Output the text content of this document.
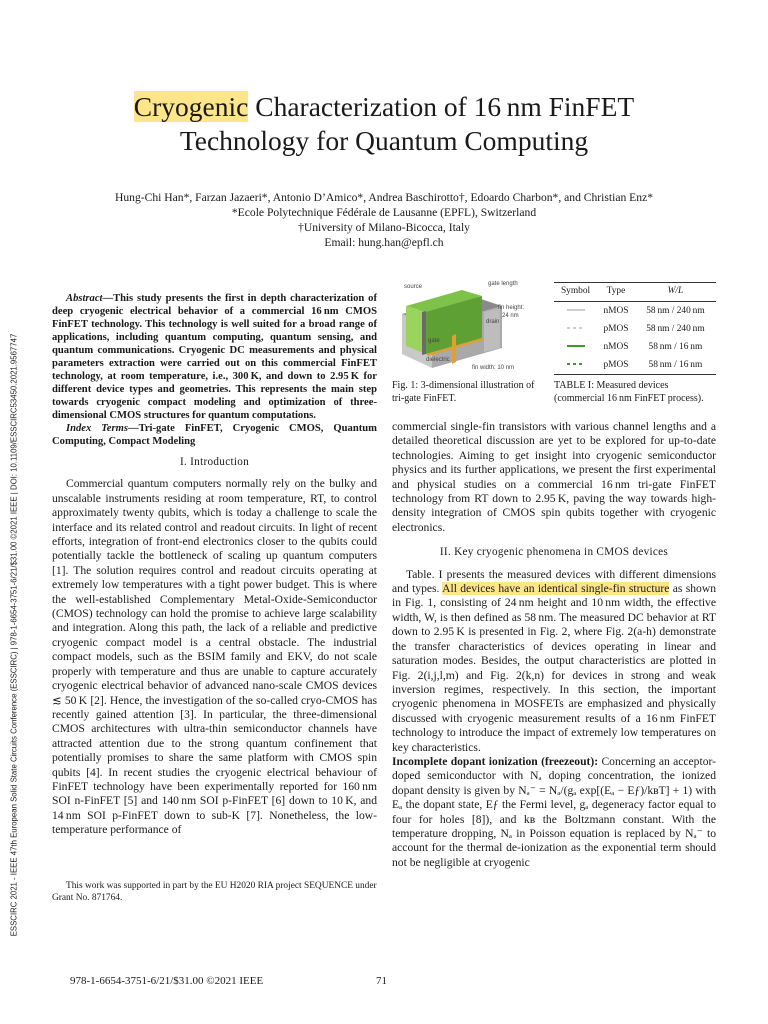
Cryogenic Characterization of 16 nm FinFET
Technology for Quantum Computing
Hung-Chi Han*, Farzan Jazaeri*, Antonio D’Amico*, Andrea Baschirotto†, Edoardo Charbon*, and Christian Enz*
*Ecole Polytechnique Fédérale de Lausanne (EPFL), Switzerland
†University of Milano-Bicocca, Italy
Email: hung.han@epfl.ch
ESSCIRC 2021 - IEEE 47th European Solid State Circuits Conference (ESSCIRC) | 978-1-6654-3751-6/21/$31.00 ©2021 IEEE | DOI: 10.1109/ESSCIRC53450.2021.9567747

Abstract—This study presents the first in depth characterization of deep cryogenic electrical behavior of a commercial 16 nm CMOS FinFET technology. This technology is well suited for a broad range of applications, including quantum computing, quantum sensing, and quantum communications. Cryogenic DC measurements and physical parameters extraction were carried out on this commercial FinFET technology, at room temperature, i.e., 300 K, and down to 2.95 K for different device types and geometries. This represents the main step towards cryogenic compact modeling and optimization of three-dimensional CMOS structures for quantum computations.

Index Terms—Tri-gate FinFET, Cryogenic CMOS, Quantum Computing, Compact Modeling

I. Introduction

Commercial quantum computers normally rely on the bulky and unscalable instruments residing at room temperature, RT, to control approximately twenty qubits, which is today a challenge to scale the interface and its related control and readout circuits. In light of recent efforts, integration of front-end electronics closer to the qubits could potentially tackle the bottleneck of scaling up quantum computers [1]. The solution requires control and readout circuits operating at extremely low temperatures with a tight power budget. This is where the well-established Complementary Metal-Oxide-Semiconductor (CMOS) technology can hold the promise to achieve large scalability and integration. Along this path, the lack of a reliable and predictive cryogenic compact model is a central obstacle. The industrial compact models, such as the BSIM family and EKV, do not scale properly with temperature and thus are unable to capture accurately cryogenic electrical behavior of advanced nano-scale CMOS devices ≲ 50 K [2]. Hence, the investigation of the so-called cryo-CMOS has recently gained attention [3]. In particular, the three-dimensional CMOS architectures with ultra-thin semiconductor channels have attracted attention due to the strong quantum confinement that potentially promises to share the same platform with CMOS spin qubits [4]. In recent studies the cryogenic electrical behaviour of FinFET technology have been experimentally reported for 160 nm SOI n-FinFET [5] and 140 nm SOI p-FinFET [6] down to 10 K, and 14 nm SOI p-FinFET down to sub-K [7]. Nonetheless, the low-temperature performance of

This work was supported in part by the EU H2020 RIA project SEQUENCE under Grant No. 871764.
source	gate length
fin height:
24 nm
drain
gate
dielectric
fin width: 10 nm
Fig. 1: 3-dimensional illustration of tri-gate FinFET.
Symbol	Type	W/L
	nMOS	58 nm / 240 nm
	pMOS	58 nm / 240 nm
	nMOS	58 nm / 16 nm
	pMOS	58 nm / 16 nm
TABLE I: Measured devices (commercial 16 nm FinFET process).

commercial single-fin transistors with various channel lengths and a detailed theoretical discussion are yet to be explored for up-to-date technologies. Aiming to get insight into cryogenic semiconductor physics and its further applications, we present the first experimental and physical studies on a commercial 16 nm tri-gate FinFET technology from RT down to 2.95 K, paving the way towards high-density integration of CMOS spin qubits together with cryogenic electronics.

II. Key cryogenic phenomena in CMOS devices

Table. I presents the measured devices with different dimensions and types. All devices have an identical single-fin structure as shown in Fig. 1, consisting of 24 nm height and 10 nm width, the effective width, W, is then defined as 58 nm. The measured DC behavior at RT down to 2.95 K is presented in Fig. 2, where Fig. 2(a-h) demonstrate the transfer characteristics of devices operating in linear and saturation modes. Besides, the output characteristics are plotted in Fig. 2(i,j,l,m) and Fig. 2(k,n) for devices in strong and weak inversion regimes, respectively. In this section, the important cryogenic phenomena in MOSFETs are emphasized and physically discussed with cryogenic measurement results of a 16 nm FinFET technology to introduce the impact of extremely low temperatures on key characteristics.

Incomplete dopant ionization (freezeout): Concerning an acceptor-doped semiconductor with Nₐ doping concentration, the ionized dopant density is given by Nₐ⁻ = Nₐ/(gₐ exp[(Eₐ − Eƒ)/kʙT] + 1) with Eₐ the dopant state, Eƒ the Fermi level, gₐ degeneracy factor equal to four for holes [8]), and kʙ the Boltzmann constant. With the temperature dropping, Nₐ in Poisson equation is replaced by Nₐ⁻ to account for the thermal de-ionization as the exponential term should not be negligible at cryogenic

978-1-6654-3751-6/21/$31.00 ©2021 IEEE	71
